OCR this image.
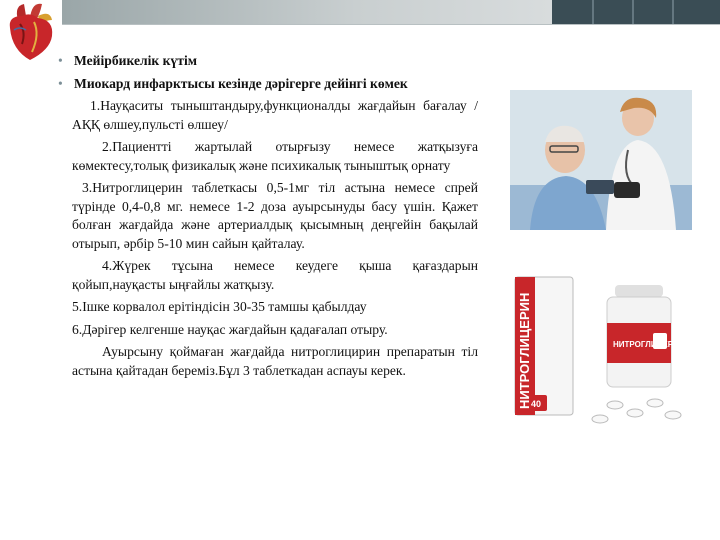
• Мейірбикелік күтім
• Миокард инфарктысы кезінде дәрігерге дейінгі көмек

1.Науқаситы тыныштандыру,функционалды жағдайын бағалау /АҚҚ өлшеу,пульсті өлшеу/

2.Пациентті жартылай отырғызу немесе жатқызуға көмектесу,толық физикалық және психикалық тыныштық орнату

3.Нитроглицерин таблеткасы 0,5-1мг тіл астына немесе спрей түрінде 0,4-0,8 мг. немесе 1-2 доза ауырсынуды басу үшін. Қажет болған жағдайда және артериалдық қысымның деңгейін бақылай отырып, әрбір 5-10 мин сайын қайталау.

4.Жүрек тұсына немесе кеудеге қыша қағаздарын қойып,науқасты ыңғайлы жатқызу.

5.Ішке корвалол ерітіндісін 30-35 тамшы қабылдау

6.Дәрігер келгенше науқас жағдайын қадағалап отыру.

Ауырсыну қоймаған жағдайда нитроглицирин препаратын тіл астына қайтадан береміз.Бұл 3 таблеткадан аспауы керек.	НИТРОГЛИЦЕРИН	НИТРОГЛИЦЕРИН
40
